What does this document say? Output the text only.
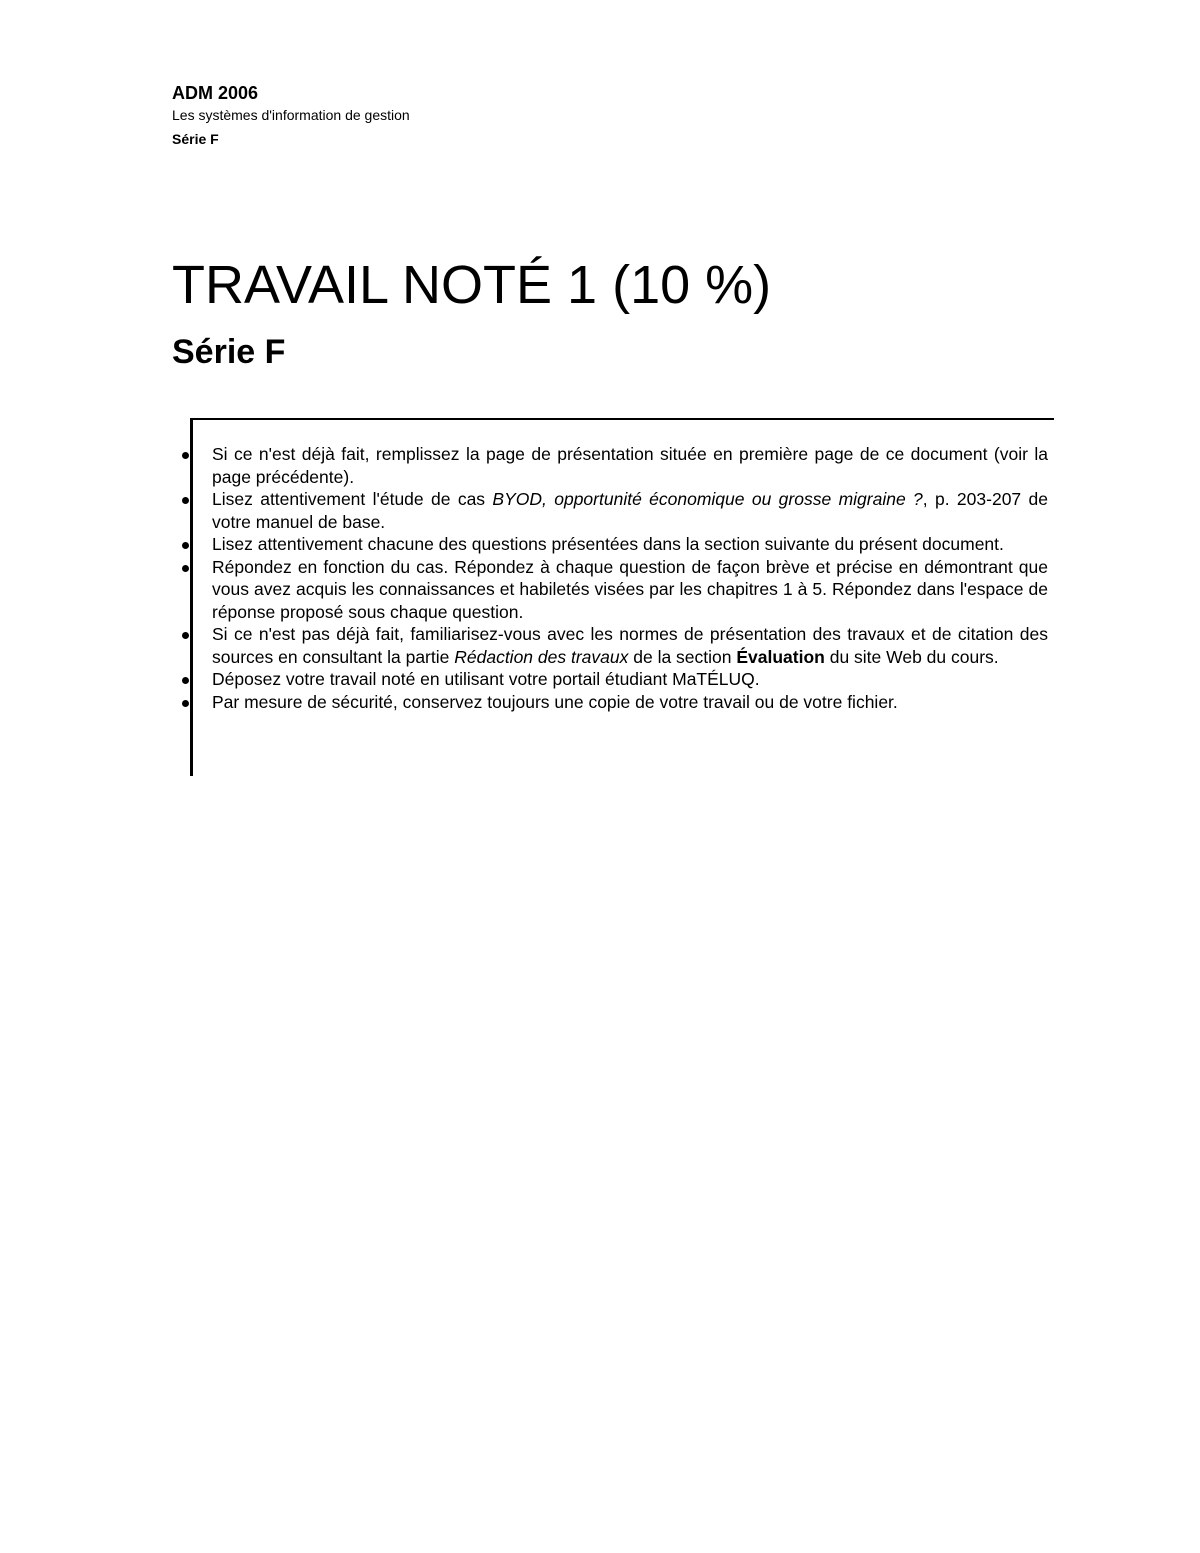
ADM 2006

Les systèmes d'information de gestion

Série F

TRAVAIL NOTÉ 1 (10 %)
Série F
Si ce n'est déjà fait, remplissez la page de présentation située en première page de ce document (voir la page précédente).
Lisez attentivement l'étude de cas BYOD, opportunité économique ou grosse migraine ?, p. 203-207 de votre manuel de base.
Lisez attentivement chacune des questions présentées dans la section suivante du présent document.
Répondez en fonction du cas. Répondez à chaque question de façon brève et précise en démontrant que vous avez acquis les connaissances et habiletés visées par les chapitres 1 à 5. Répondez dans l'espace de réponse proposé sous chaque question.
Si ce n'est pas déjà fait, familiarisez-vous avec les normes de présentation des travaux et de citation des sources en consultant la partie Rédaction des travaux de la section Évaluation du site Web du cours.
Déposez votre travail noté en utilisant votre portail étudiant MaTÉLUQ.
Par mesure de sécurité, conservez toujours une copie de votre travail ou de votre fichier.
